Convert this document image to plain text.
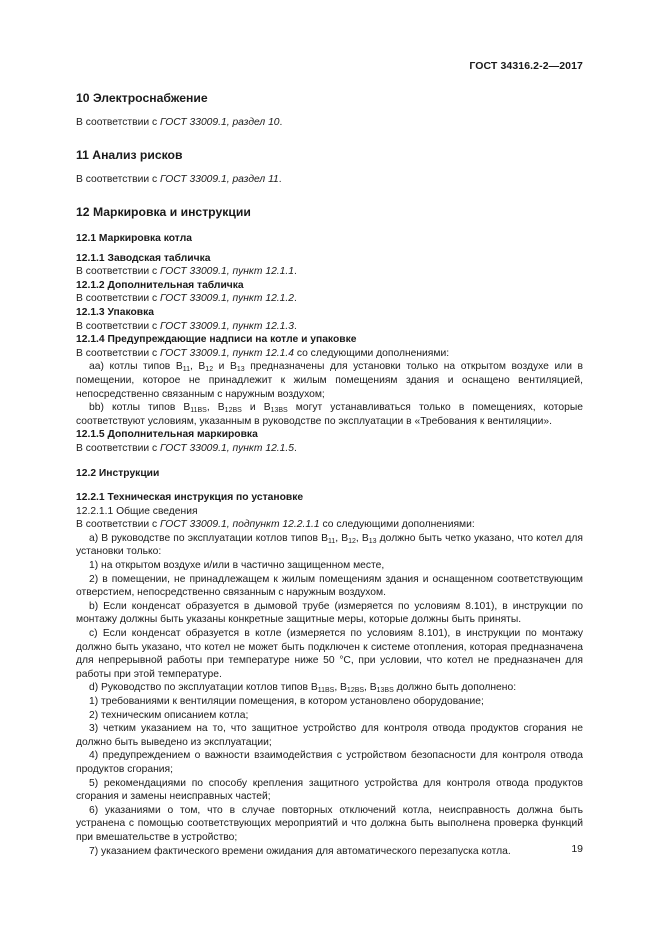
ГОСТ 34316.2-2—2017

10 Электроснабжение

В соответствии с ГОСТ 33009.1, раздел 10.

11 Анализ рисков

В соответствии с ГОСТ 33009.1, раздел 11.

12 Маркировка и инструкции

12.1 Маркировка котла

12.1.1 Заводская табличка

В соответствии с ГОСТ 33009.1, пункт 12.1.1.

12.1.2 Дополнительная табличка

В соответствии с ГОСТ 33009.1, пункт 12.1.2.

12.1.3 Упаковка

В соответствии с ГОСТ 33009.1, пункт 12.1.3.

12.1.4 Предупреждающие надписи на котле и упаковке

В соответствии с ГОСТ 33009.1, пункт 12.1.4 со следующими дополнениями:

аа) котлы типов $B_{11}$, $B_{12}$ и $B_{13}$ предназначены для установки только на открытом воздухе или в помещении, которое не принадлежит к жилым помещениям здания и оснащено вентиляцией, непосредственно связанным с наружным воздухом;

bb) котлы типов $B_{11BS}$, $B_{12BS}$ и $B_{13BS}$ могут устанавливаться только в помещениях, которые соответствуют условиям, указанным в руководстве по эксплуатации в «Требования к вентиляции».

12.1.5 Дополнительная маркировка

В соответствии с ГОСТ 33009.1, пункт 12.1.5.

12.2 Инструкции

12.2.1 Техническая инструкция по установке

12.2.1.1 Общие сведения

В соответствии с ГОСТ 33009.1, подпункт 12.2.1.1 со следующими дополнениями:

а) В руководстве по эксплуатации котлов типов $B_{11}$, $B_{12}$, $B_{13}$ должно быть четко указано, что котел для установки только:

1) на открытом воздухе и/или в частично защищенном месте,

2) в помещении, не принадлежащем к жилым помещениям здания и оснащенном соответствующим отверстием, непосредственно связанным с наружным воздухом.

b) Если конденсат образуется в дымовой трубе (измеряется по условиям 8.101), в инструкции по монтажу должны быть указаны конкретные защитные меры, которые должны быть приняты.

c) Если конденсат образуется в котле (измеряется по условиям 8.101), в инструкции по монтажу должно быть указано, что котел не может быть подключен к системе отопления, которая предназначена для непрерывной работы при температуре ниже 50 °С, при условии, что котел не предназначен для работы при этой температуре.

d) Руководство по эксплуатации котлов типов $B_{11BS}$, $B_{12BS}$, $B_{13BS}$ должно быть дополнено:

1) требованиями к вентиляции помещения, в котором установлено оборудование;

2) техническим описанием котла;

3) четким указанием на то, что защитное устройство для контроля отвода продуктов сгорания не должно быть выведено из эксплуатации;

4) предупреждением о важности взаимодействия с устройством безопасности для контроля отвода продуктов сгорания;

5) рекомендациями по способу крепления защитного устройства для контроля отвода продуктов сгорания и замены неисправных частей;

6) указаниями о том, что в случае повторных отключений котла, неисправность должна быть устранена с помощью соответствующих мероприятий и что должна быть выполнена проверка функций при вмешательстве в устройство;

7) указанием фактического времени ожидания для автоматического перезапуска котла.	19
